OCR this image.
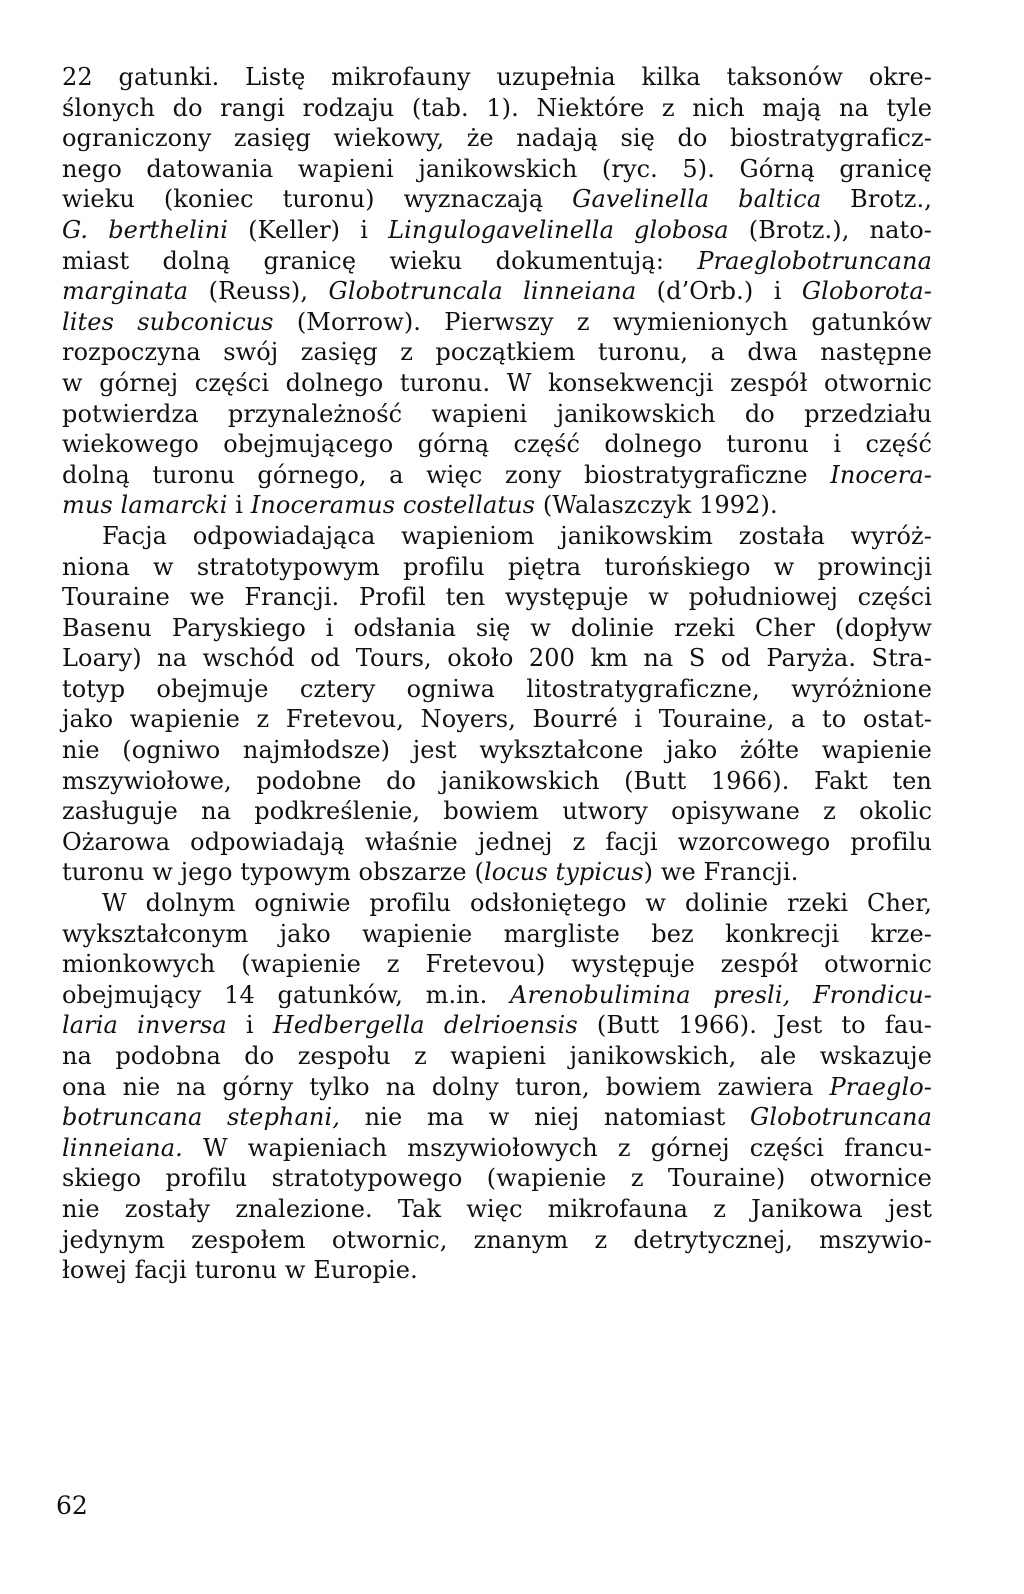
22 gatunki. Listę mikrofauny uzupełnia kilka taksonów okre-
ślonych do rangi rodzaju (tab. 1). Niektóre z nich mają na tyle
ograniczony zasięg wiekowy, że nadają się do biostratygraficz-
nego datowania wapieni janikowskich (ryc. 5). Górną granicę
wieku (koniec turonu) wyznaczają Gavelinella baltica Brotz.,
G. berthelini (Keller) i Lingulogavelinella globosa (Brotz.), nato-
miast dolną granicę wieku dokumentują: Praeglobotruncana
marginata (Reuss), Globotruncala linneiana (d’Orb.) i Globorota-
lites subconicus (Morrow). Pierwszy z wymienionych gatunków
rozpoczyna swój zasięg z początkiem turonu, a dwa następne
w górnej części dolnego turonu. W konsekwencji zespół otwornic
potwierdza przynależność wapieni janikowskich do przedziału
wiekowego obejmującego górną część dolnego turonu i część
dolną turonu górnego, a więc zony biostratygraficzne Inocera-
mus lamarcki i Inoceramus costellatus (Walaszczyk 1992).
Facja odpowiadająca wapieniom janikowskim została wyróż-
niona w stratotypowym profilu piętra turońskiego w prowincji
Touraine we Francji. Profil ten występuje w południowej części
Basenu Paryskiego i odsłania się w dolinie rzeki Cher (dopływ
Loary) na wschód od Tours, około 200 km na S od Paryża. Stra-
totyp obejmuje cztery ogniwa litostratygraficzne, wyróżnione
jako wapienie z Fretevou, Noyers, Bourré i Touraine, a to ostat-
nie (ogniwo najmłodsze) jest wykształcone jako żółte wapienie
mszywiołowe, podobne do janikowskich (Butt 1966). Fakt ten
zasługuje na podkreślenie, bowiem utwory opisywane z okolic
Ożarowa odpowiadają właśnie jednej z facji wzorcowego profilu
turonu w jego typowym obszarze (locus typicus) we Francji.
W dolnym ogniwie profilu odsłoniętego w dolinie rzeki Cher,
wykształconym jako wapienie margliste bez konkrecji krze-
mionkowych (wapienie z Fretevou) występuje zespół otwornic
obejmujący 14 gatunków, m.in. Arenobulimina presli, Frondicu-
laria inversa i Hedbergella delrioensis (Butt 1966). Jest to fau-
na podobna do zespołu z wapieni janikowskich, ale wskazuje
ona nie na górny tylko na dolny turon, bowiem zawiera Praeglo-
botruncana stephani, nie ma w niej natomiast Globotruncana
linneiana. W wapieniach mszywiołowych z górnej części francu-
skiego profilu stratotypowego (wapienie z Touraine) otwornice
nie zostały znalezione. Tak więc mikrofauna z Janikowa jest
jedynym zespołem otwornic, znanym z detrytycznej, mszywio-
łowej facji turonu w Europie.
62
